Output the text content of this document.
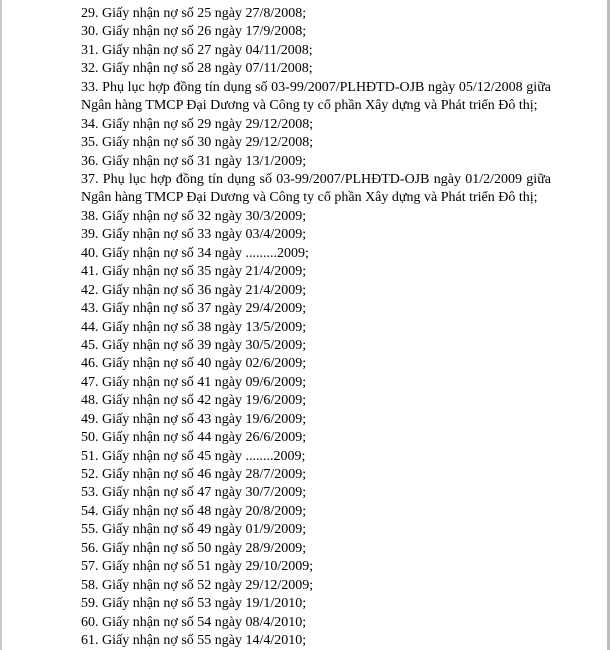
29. Giấy nhận nợ số 25 ngày 27/8/2008;
30. Giấy nhận nợ số 26 ngày 17/9/2008;
31. Giấy nhận nợ số 27 ngày 04/11/2008;
32. Giấy nhận nợ số 28 ngày 07/11/2008;
33. Phụ lục hợp đồng tín dụng số 03-99/2007/PLHĐTD-OJB ngày 05/12/2008 giữa Ngân hàng TMCP Đại Dương và Công ty cổ phần Xây dựng và Phát triển Đô thị;
34. Giấy nhận nợ số 29 ngày 29/12/2008;
35. Giấy nhận nợ số 30 ngày 29/12/2008;
36. Giấy nhận nợ số 31 ngày 13/1/2009;
37. Phụ lục hợp đồng tín dụng số 03-99/2007/PLHĐTD-OJB ngày 01/2/2009 giữa Ngân hàng TMCP Đại Dương và Công ty cổ phần Xây dựng và Phát triển Đô thị;
38. Giấy nhận nợ số 32 ngày 30/3/2009;
39. Giấy nhận nợ số 33 ngày 03/4/2009;
40. Giấy nhận nợ số 34 ngày .........2009;
41. Giấy nhận nợ số 35 ngày 21/4/2009;
42. Giấy nhận nợ số 36 ngày 21/4/2009;
43. Giấy nhận nợ số 37 ngày 29/4/2009;
44. Giấy nhận nợ số 38 ngày 13/5/2009;
45. Giấy nhận nợ số 39 ngày 30/5/2009;
46. Giấy nhận nợ số 40 ngày 02/6/2009;
47. Giấy nhận nợ số 41 ngày 09/6/2009;
48. Giấy nhận nợ số 42 ngày 19/6/2009;
49. Giấy nhận nợ số 43 ngày 19/6/2009;
50. Giấy nhận nợ số 44 ngày 26/6/2009;
51. Giấy nhận nợ số 45 ngày ........2009;
52. Giấy nhận nợ số 46 ngày 28/7/2009;
53. Giấy nhận nợ số 47 ngày 30/7/2009;
54. Giấy nhận nợ số 48 ngày 20/8/2009;
55. Giấy nhận nợ số 49 ngày 01/9/2009;
56. Giấy nhận nợ số 50 ngày 28/9/2009;
57. Giấy nhận nợ số 51 ngày 29/10/2009;
58. Giấy nhận nợ số 52 ngày 29/12/2009;
59. Giấy nhận nợ số 53 ngày 19/1/2010;
60. Giấy nhận nợ số 54 ngày 08/4/2010;
61. Giấy nhận nợ số 55 ngày 14/4/2010;
